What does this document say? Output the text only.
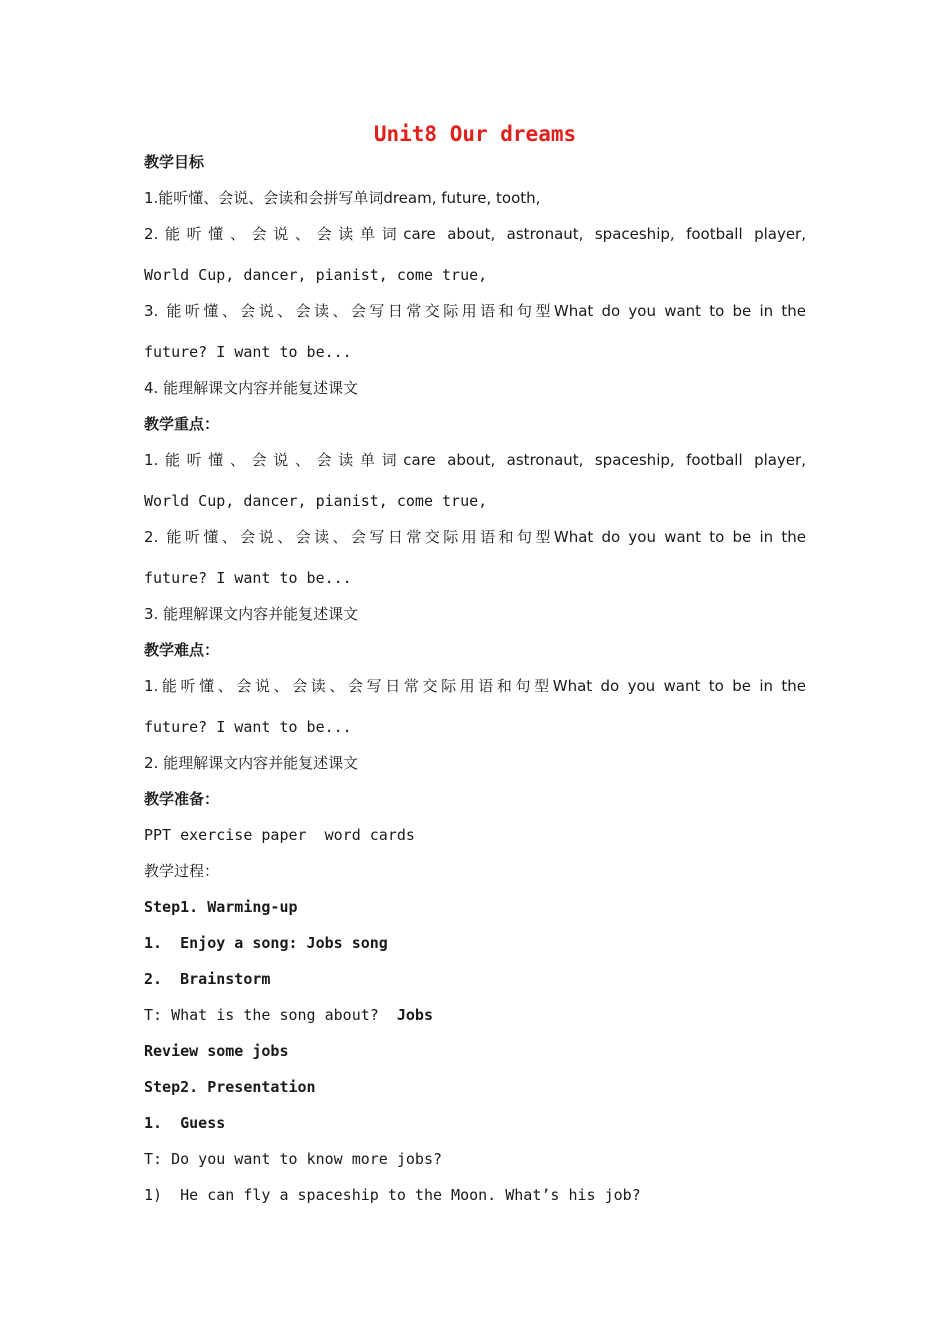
Unit8 Our dreams
教学目标
1.能听懂、会说、会读和会拼写单词dream, future, tooth,
2.能听懂、会说、会读单词care about, astronaut, spaceship, football player,
World Cup, dancer, pianist, come true,
3. 能听懂、会说、会读、会写日常交际用语和句型What do you want to be in the
future? I want to be...
4. 能理解课文内容并能复述课文
教学重点：
1.能听懂、会说、会读单词care about, astronaut, spaceship, football player,
World Cup, dancer, pianist, come true,
2. 能听懂、会说、会读、会写日常交际用语和句型What do you want to be in the
future? I want to be...
3. 能理解课文内容并能复述课文
教学难点：
1.能听懂、会说、会读、会写日常交际用语和句型What do you want to be in the
future? I want to be...
2. 能理解课文内容并能复述课文
教学准备：
PPT exercise paper  word cards
教学过程：
Step1. Warming-up
1.  Enjoy a song: Jobs song
2.  Brainstorm
T: What is the song about?  Jobs
Review some jobs
Step2. Presentation
1.  Guess
T: Do you want to know more jobs?
1)  He can fly a spaceship to the Moon. What’s his job?
